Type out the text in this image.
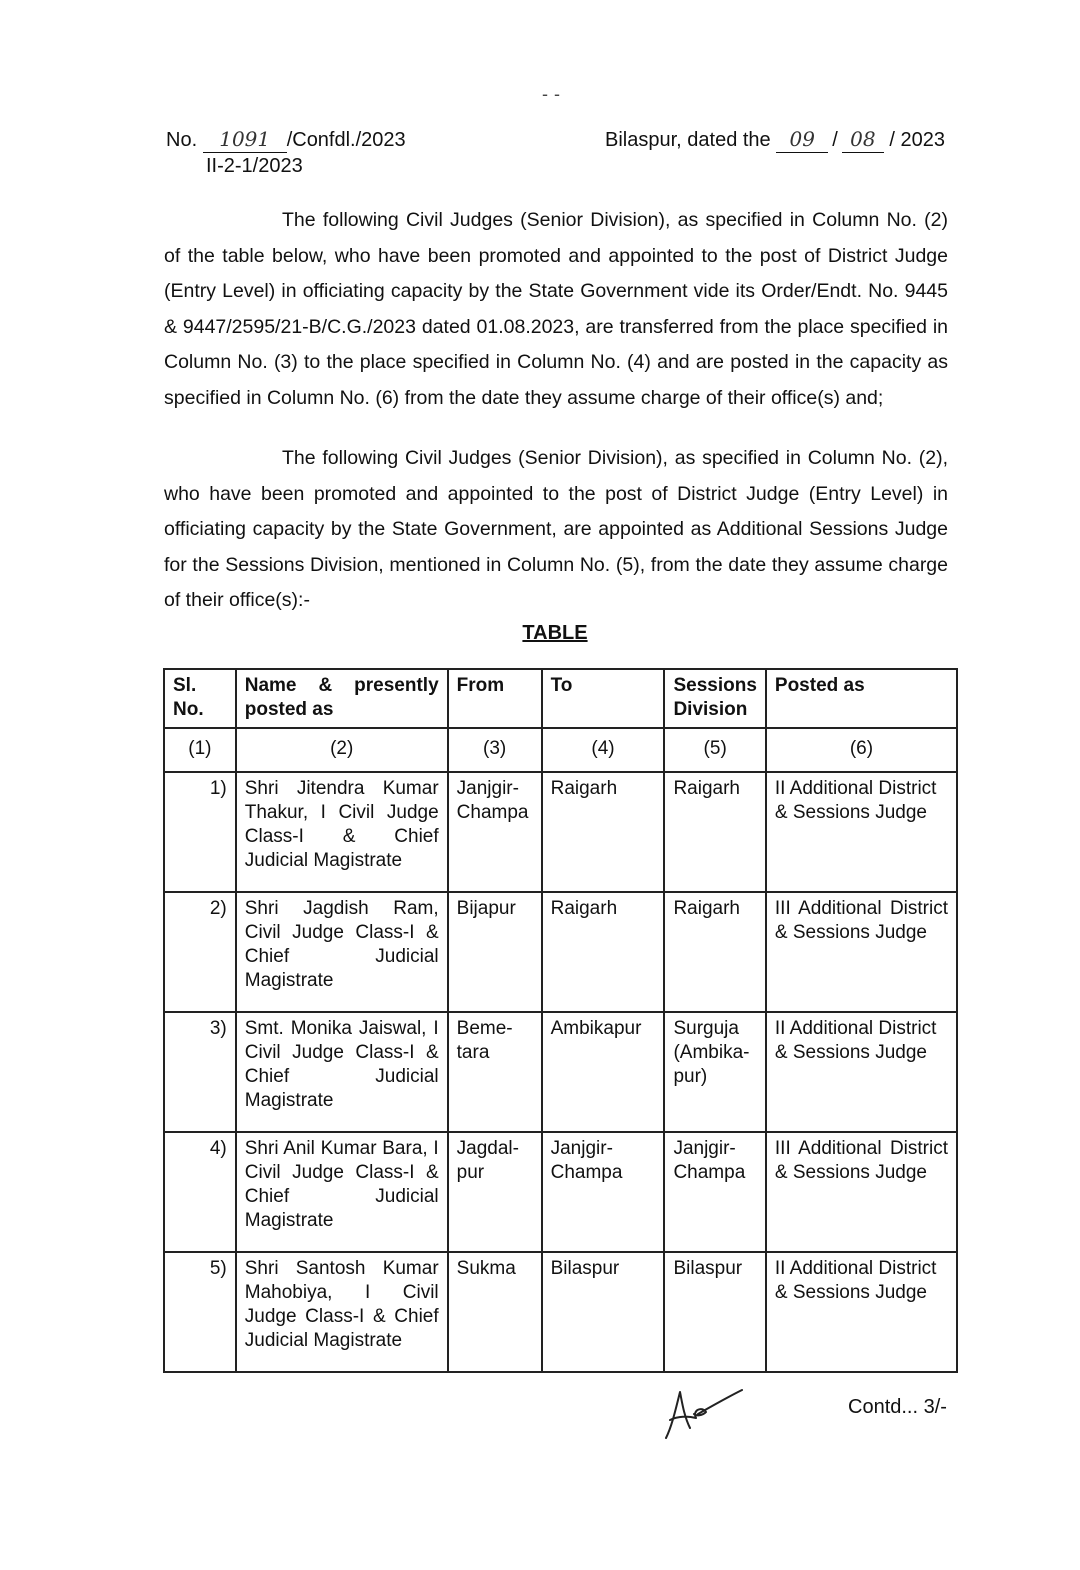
--
No. 1091 /Confdl./2023
II-2-1/2023
Bilaspur, dated the 09 / 08 / 2023

The following Civil Judges (Senior Division), as specified in Column No. (2) of the table below, who have been promoted and appointed to the post of District Judge (Entry Level) in officiating capacity by the State Government vide its Order/Endt. No. 9445 & 9447/2595/21-B/C.G./2023 dated 01.08.2023, are transferred from the place specified in Column No. (3) to the place specified in Column No. (4) and are posted in the capacity as specified in Column No. (6) from the date they assume charge of their office(s) and;

The following Civil Judges (Senior Division), as specified in Column No. (2), who have been promoted and appointed to the post of District Judge (Entry Level) in officiating capacity by the State Government, are appointed as Additional Sessions Judge for the Sessions Division, mentioned in Column No. (5), from the date they assume charge of their office(s):-

TABLE
Sl. No.	Name & presently posted as	From	To	Sessions Division	Posted as
(1)	(2)	(3)	(4)	(5)	(6)
1)	Shri Jitendra Kumar Thakur, I Civil Judge Class-I & Chief Judicial Magistrate	Janjgir-Champa	Raigarh	Raigarh	II Additional District & Sessions Judge
2)	Shri Jagdish Ram, Civil Judge Class-I & Chief Judicial Magistrate	Bijapur	Raigarh	Raigarh	III Additional District & Sessions Judge
3)	Smt. Monika Jaiswal, I Civil Judge Class-I & Chief Judicial Magistrate	Beme-tara	Ambikapur	Surguja (Ambika-pur)	II Additional District & Sessions Judge
4)	Shri Anil Kumar Bara, I Civil Judge Class-I & Chief Judicial Magistrate	Jagdal-pur	Janjgir-Champa	Janjgir-Champa	III Additional District & Sessions Judge
5)	Shri Santosh Kumar Mahobiya, I Civil Judge Class-I & Chief Judicial Magistrate	Sukma	Bilaspur	Bilaspur	II Additional District & Sessions Judge
Contd... 3/-
